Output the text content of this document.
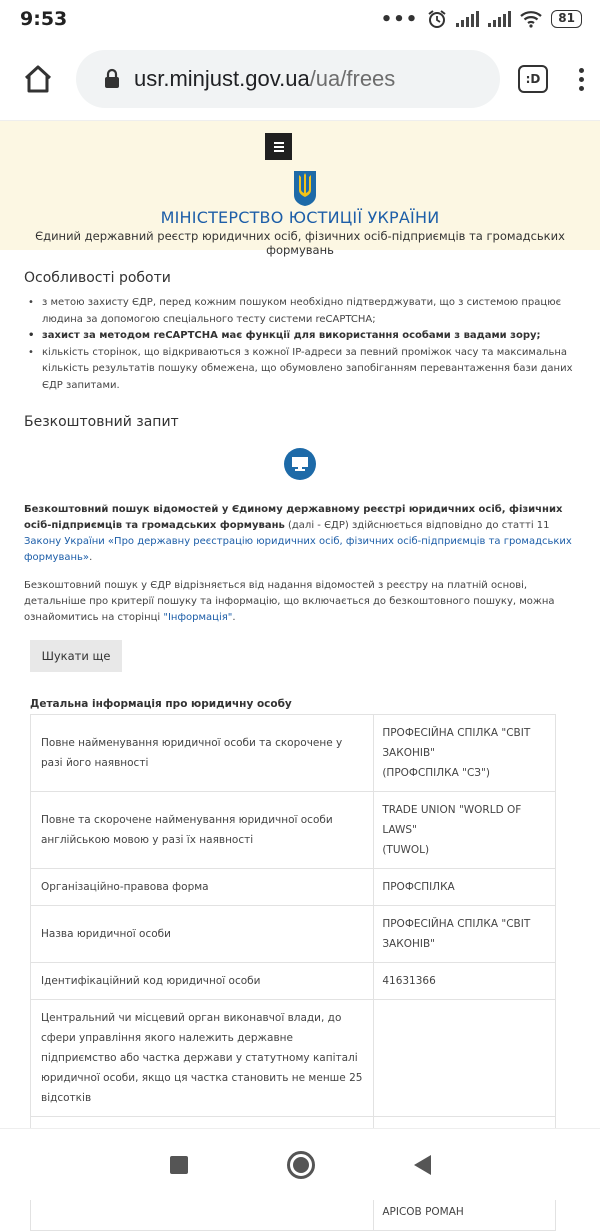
9:53	•••	81
usr.minjust.gov.ua/ua/frees	:D
МІНІСТЕРСТВО ЮСТИЦІЇ УКРАЇНИ
Єдиний державний реєстр юридичних осіб, фізичних осіб-підприємців та громадських формувань
Особливості роботи
• з метою захисту ЄДР, перед кожним пошуком необхідно підтверджувати, що з системою працює людина за допомогою спеціального тесту системи reCAPTCHA;
• захист за методом reCAPTCHA має функції для використання особами з вадами зору;
• кількість сторінок, що відкриваються з кожної IP-адреси за певний проміжок часу та максимальна кількість результатів пошуку обмежена, що обумовлено запобіганням перевантаження бази даних ЄДР запитами.
Безкоштовний запит

Безкоштовний пошук відомостей у Єдиному державному реєстрі юридичних осіб, фізичних осіб-підприємців та громадських формувань (далі - ЄДР) здійснюється відповідно до статті 11 Закону України «Про державну реєстрацію юридичних осіб, фізичних осіб-підприємців та громадських формувань».

Безкоштовний пошук у ЄДР відрізняється від надання відомостей з реєстру на платній основі, детальніше про критерії пошуку та інформацію, що включається до безкоштовного пошуку, можна ознайомитись на сторінці "Інформація".

Шукати ще
Детальна інформація про юридичну особу
Повне найменування юридичної особи та скорочене у разі його наявності	ПРОФЕСІЙНА СПІЛКА "СВІТ
ЗАКОНІВ"
(ПРОФСПІЛКА "СЗ")

Повне та скорочене найменування юридичної особи англійською мовою у разі їх наявності	TRADE UNION "WORLD OF
LAWS"
(TUWOL)

Організаційно-правова форма	ПРОФСПІЛКА

Назва юридичної особи	ПРОФЕСІЙНА СПІЛКА "СВІТ
ЗАКОНІВ"

Ідентифікаційний код юридичної особи	41631366

Центральний чи місцевий орган виконавчої влади, до сфери управління якого належить державне підприємство або частка держави у статутному капіталі юридичної особи, якщо ця частка становить не менше 25 відсотків	

	АРІСОВ РОМАН
